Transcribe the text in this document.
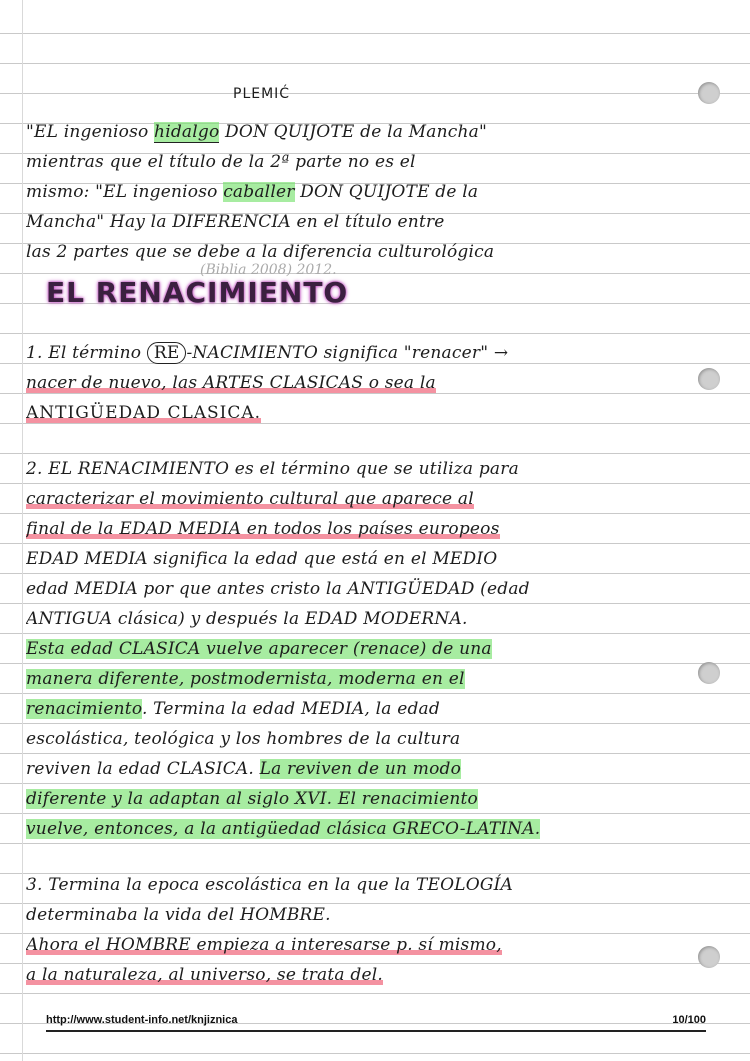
PLEMIĆ
"EL ingenioso hidalgo DON QUIJOTE de la Mancha"
mientras que el título de la 2ª parte no es el
mismo: "EL ingenioso caballer DON QUIJOTE de la
Mancha" Hay la DIFERENCIA en el título entre
las 2 partes que se debe a la diferencia culturológica
(Biblia 2008) 2012.
EL RENACIMIENTO
1. El término RE -NACIMIENTO significa "renacer" →
nacer de nuevo, las ARTES CLASICAS o sea la
ANTIGÜEDAD CLASICA.
2. EL RENACIMIENTO es el término que se utiliza para
caracterizar el movimiento cultural que aparece al
final de la EDAD MEDIA en todos los países europeos
EDAD MEDIA significa la edad que está en el MEDIO
edad MEDIA por que antes cristo la ANTIGÜEDAD (edad
ANTIGUA clásica) y después la EDAD MODERNA.
Esta edad CLASICA vuelve aparecer (renace) de una
manera diferente, postmodernista, moderna en el
renacimiento. Termina la edad MEDIA, la edad
escolástica, teológica y los hombres de la cultura
reviven la edad CLASICA. La reviven de un modo
diferente y la adaptan al siglo XVI. El renacimiento
vuelve, entonces, a la antigüedad clásica GRECO-LATINA.
3. Termina la epoca escolástica en la que la TEOLOGÍA
determinaba la vida del HOMBRE.
Ahora el HOMBRE empieza a interesarse p. sí mismo,
a la naturaleza, al universo, se trata del.
http://www.student-info.net/knjiznica	10/100
